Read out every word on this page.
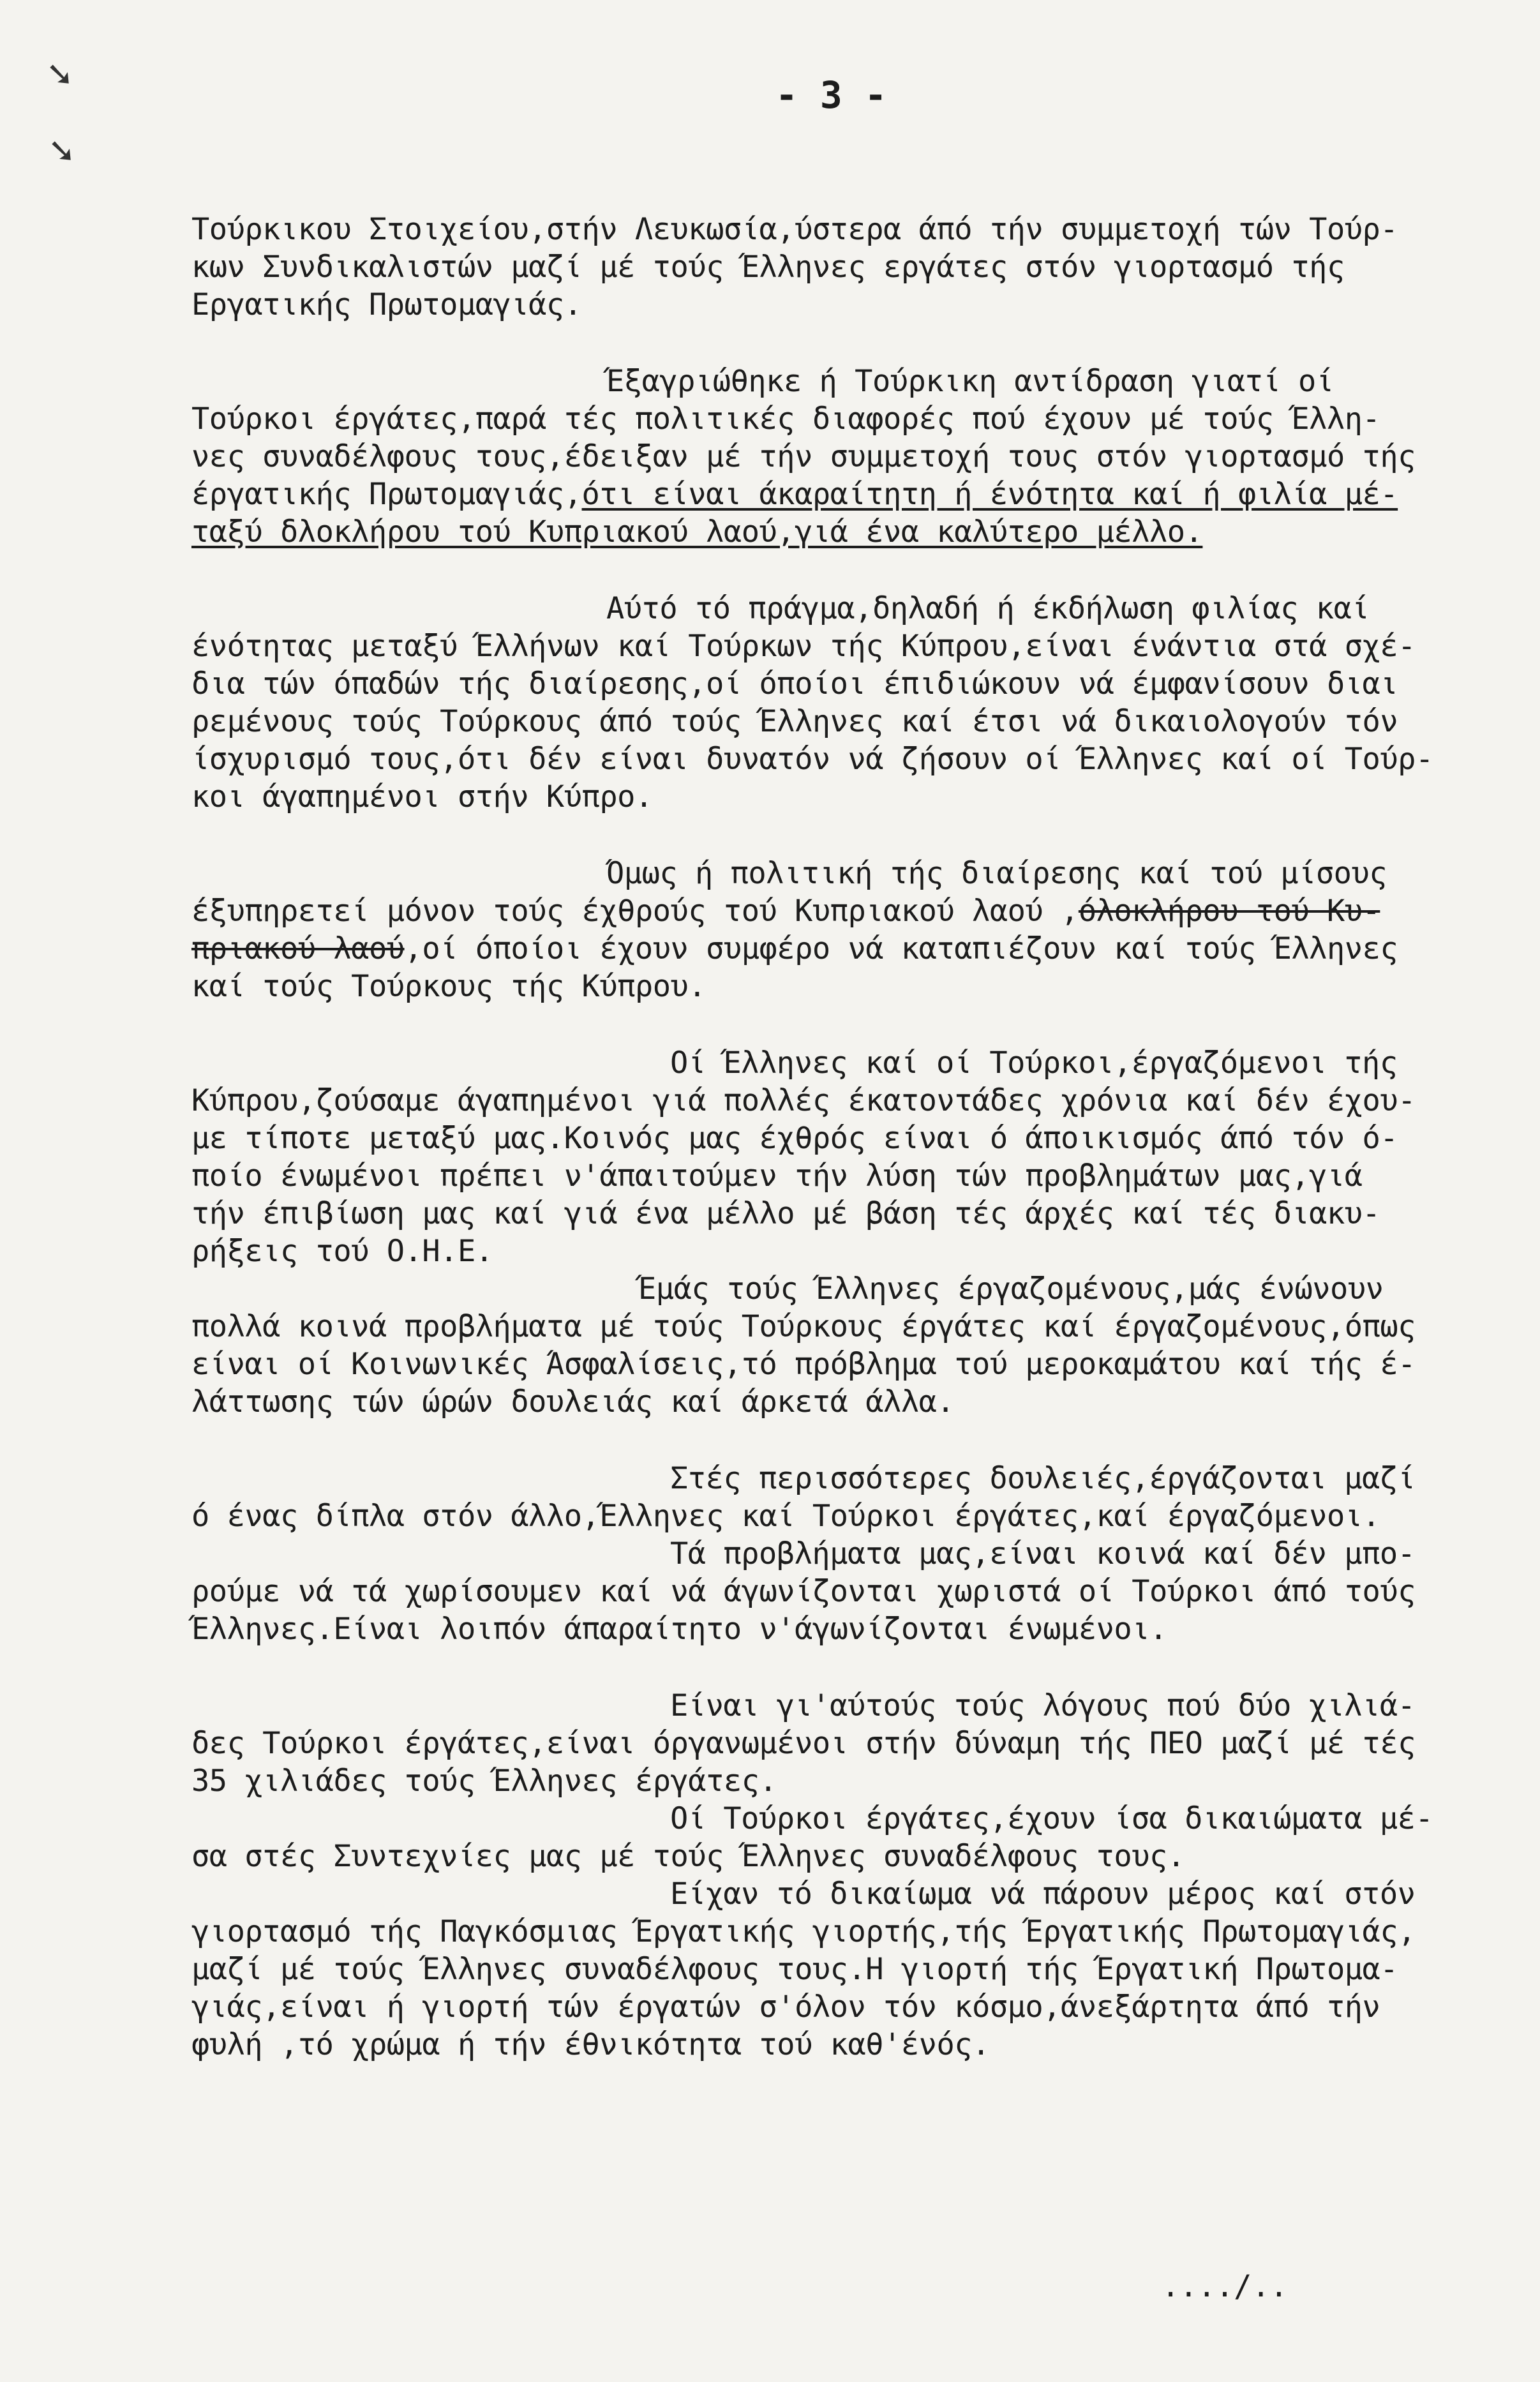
➘
➘
- 3 -
Τούρκικου Στοιχείου,στήν Λευκωσία,ύστερα άπό τήν συμμετοχή τών Τούρ-
κων Συνδικαλιστών μαζί μέ τούς Έλληνες εργάτες στόν γιορτασμό τής
Εργατικής Πρωτομαγιάς.
Έξαγριώθηκε ή Τούρκικη αντίδραση γιατί οί
Τούρκοι έργάτες,παρά τές πολιτικές διαφορές πού έχουν μέ τούς Έλλη-
νες συναδέλφους τους,έδειξαν μέ τήν συμμετοχή τους στόν γιορτασμό τής
έργατικής Πρωτομαγιάς,ότι είναι άκαραίτητη ή ένότητα καί ή φιλία μέ-
ταξύ δλοκλήρου τού Κυπριακού λαού,γιά ένα καλύτερο μέλλο.
Αύτό τό πράγμα,δηλαδή ή έκδήλωση φιλίας καί
ένότητας μεταξύ Έλλήνων καί Τούρκων τής Κύπρου,είναι ένάντια στά σχέ-
δια τών όπαδών τής διαίρεσης,οί όποίοι έπιδιώκουν νά έμφανίσουν διαι
ρεμένους τούς Τούρκους άπό τούς Έλληνες καί έτσι νά δικαιολογούν τόν
ίσχυρισμό τους,ότι δέν είναι δυνατόν νά ζήσουν οί Έλληνες καί οί Τούρ-
κοι άγαπημένοι στήν Κύπρο.
Όμως ή πολιτική τής διαίρεσης καί τού μίσους
έξυπηρετεί μόνον τούς έχθρούς τού Κυπριακού λαού ,όλοκλήρου τού Κυ-
πριακού λαού,οί όποίοι έχουν συμφέρο νά καταπιέζουν καί τούς Έλληνες
καί τούς Τούρκους τής Κύπρου.
Οί Έλληνες καί οί Τούρκοι,έργαζόμενοι τής
Κύπρου,ζούσαμε άγαπημένοι γιά πολλές έκατοντάδες χρόνια καί δέν έχου-
με τίποτε μεταξύ μας.Κοινός μας έχθρός είναι ό άποικισμός άπό τόν ό-
ποίο ένωμένοι πρέπει ν'άπαιτούμεν τήν λύση τών προβλημάτων μας,γιά
τήν έπιβίωση μας καί γιά ένα μέλλο μέ βάση τές άρχές καί τές διακυ-
ρήξεις τού Ο.Η.Ε.
Έμάς τούς Έλληνες έργαζομένους,μάς ένώνουν
πολλά κοινά προβλήματα μέ τούς Τούρκους έργάτες καί έργαζομένους,όπως
είναι οί Κοινωνικές Άσφαλίσεις,τό πρόβλημα τού μεροκαμάτου καί τής έ-
λάττωσης τών ώρών δουλειάς καί άρκετά άλλα.
Στές περισσότερες δουλειές,έργάζονται μαζί
ό ένας δίπλα στόν άλλο,Έλληνες καί Τούρκοι έργάτες,καί έργαζόμενοι.
Τά προβλήματα μας,είναι κοινά καί δέν μπο-
ρούμε νά τά χωρίσουμεν καί νά άγωνίζονται χωριστά οί Τούρκοι άπό τούς
Έλληνες.Είναι λοιπόν άπαραίτητο ν'άγωνίζονται ένωμένοι.
Είναι γι'αύτούς τούς λόγους πού δύο χιλιά-
δες Τούρκοι έργάτες,είναι όργανωμένοι στήν δύναμη τής ΠΕΟ μαζί μέ τές
35 χιλιάδες τούς Έλληνες έργάτες.
Οί Τούρκοι έργάτες,έχουν ίσα δικαιώματα μέ-
σα στές Συντεχνίες μας μέ τούς Έλληνες συναδέλφους τους.
Είχαν τό δικαίωμα νά πάρουν μέρος καί στόν
γιορτασμό τής Παγκόσμιας Έργατικής γιορτής,τής Έργατικής Πρωτομαγιάς,
μαζί μέ τούς Έλληνες συναδέλφους τους.Η γιορτή τής Έργατική Πρωτομα-
γιάς,είναι ή γιορτή τών έργατών σ'όλον τόν κόσμο,άνεξάρτητα άπό τήν
φυλή ,τό χρώμα ή τήν έθνικότητα τού καθ'ένός.
..../..
